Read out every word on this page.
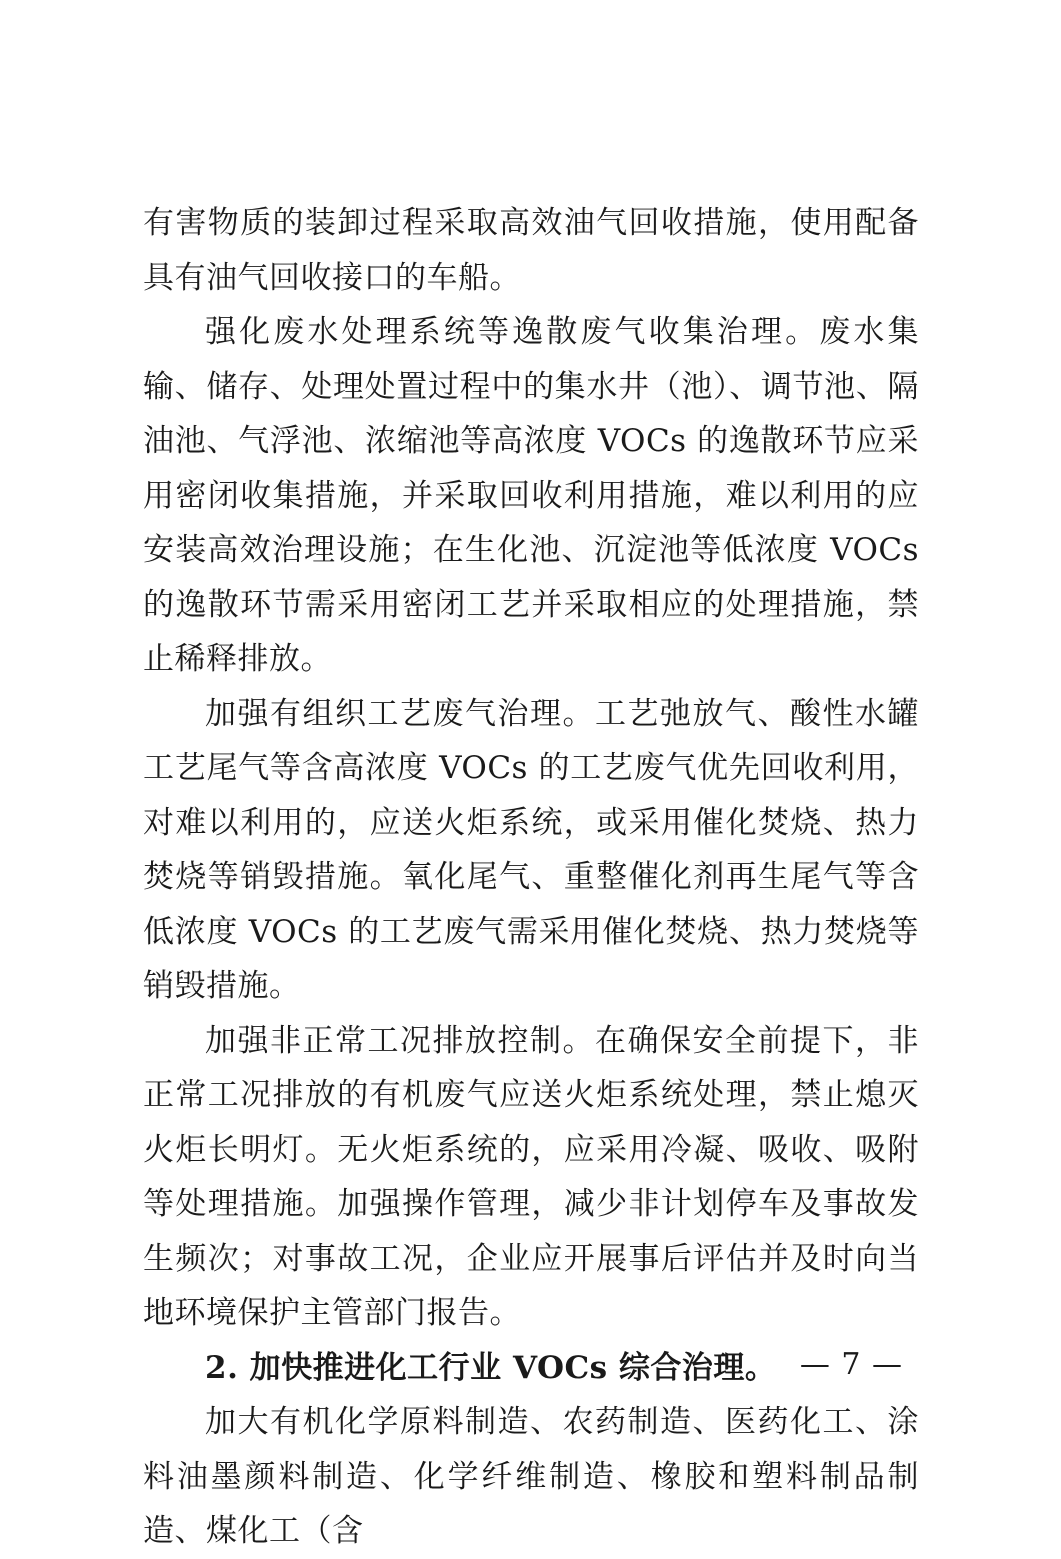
有害物质的装卸过程采取高效油气回收措施，使用配备具有油气回收接口的车船。

强化废水处理系统等逸散废气收集治理。废水集输、储存、处理处置过程中的集水井（池）、调节池、隔油池、气浮池、浓缩池等高浓度 VOCs 的逸散环节应采用密闭收集措施，并采取回收利用措施，难以利用的应安装高效治理设施；在生化池、沉淀池等低浓度 VOCs 的逸散环节需采用密闭工艺并采取相应的处理措施，禁止稀释排放。

加强有组织工艺废气治理。工艺弛放气、酸性水罐工艺尾气等含高浓度 VOCs 的工艺废气优先回收利用，对难以利用的，应送火炬系统，或采用催化焚烧、热力焚烧等销毁措施。氧化尾气、重整催化剂再生尾气等含低浓度 VOCs 的工艺废气需采用催化焚烧、热力焚烧等销毁措施。

加强非正常工况排放控制。在确保安全前提下，非正常工况排放的有机废气应送火炬系统处理，禁止熄灭火炬长明灯。无火炬系统的，应采用冷凝、吸收、吸附等处理措施。加强操作管理，减少非计划停车及事故发生频次；对事故工况，企业应开展事后评估并及时向当地环境保护主管部门报告。

2. 加快推进化工行业 VOCs 综合治理。

加大有机化学原料制造、农药制造、医药化工、涂料油墨颜料制造、化学纤维制造、橡胶和塑料制品制造、煤化工（含

— 7 —
